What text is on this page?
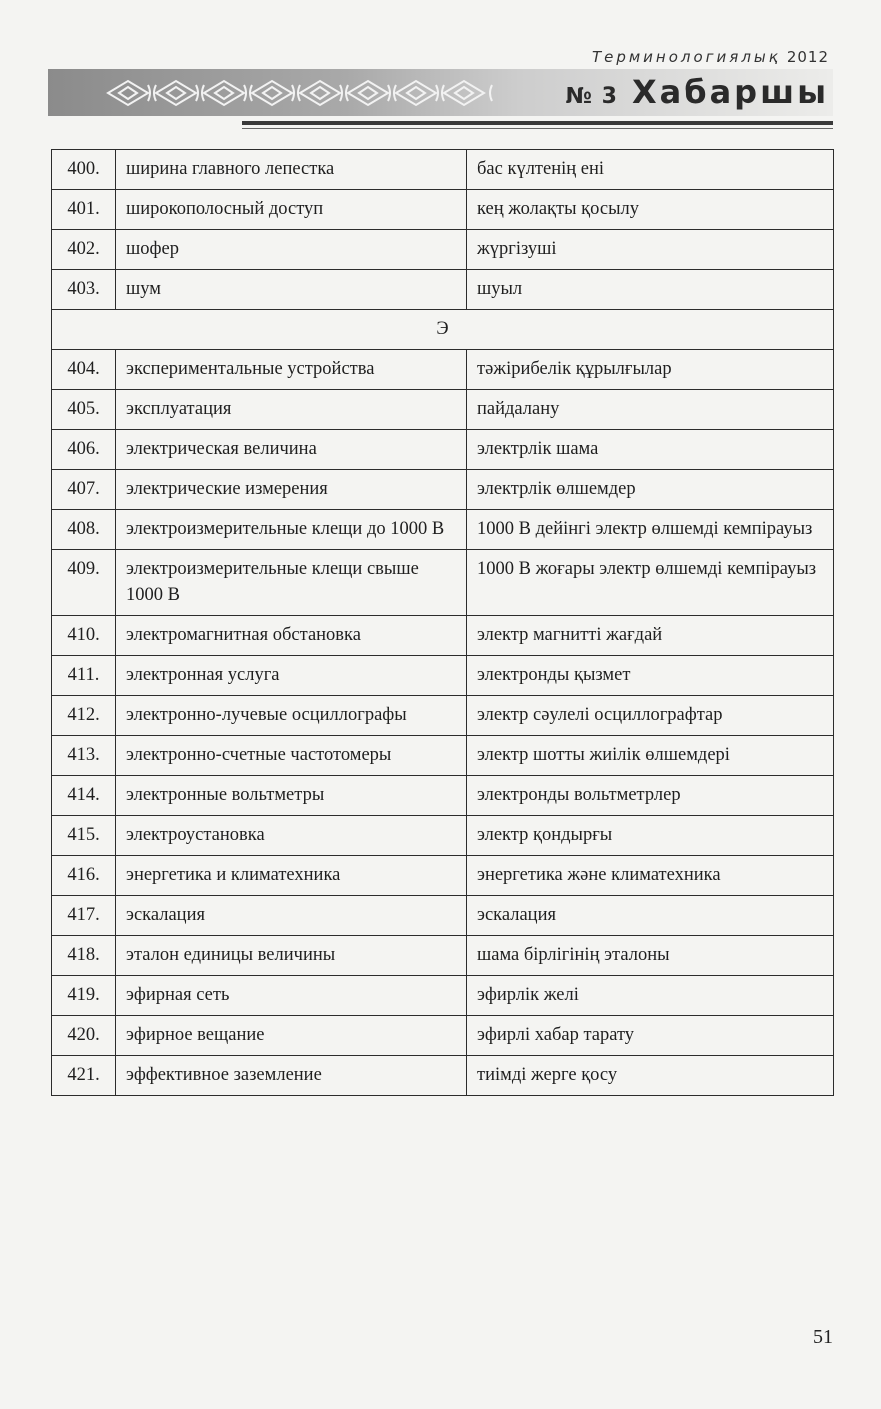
Терминологиялық 2012
№ 3 Хабаршы
400.	ширина главного лепестка	бас күлтенің ені
401.	широкополосный доступ	кең жолақты қосылу
402.	шофер	жүргізуші
403.	шум	шуыл
Э		
404.	экспериментальные устройства	тәжірибелік құрылғылар
405.	эксплуатация	пайдалану
406.	электрическая величина	электрлік шама
407.	электрические измерения	электрлік өлшемдер
408.	электроизмерительные клещи до 1000 В	1000 В дейінгі электр өлшемді кемпірауыз
409.	электроизмерительные клещи свыше 1000 В	1000 В жоғары электр өлшемді кемпірауыз
410.	электромагнитная обстановка	электр магнитті жағдай
411.	электронная услуга	электронды қызмет
412.	электронно-лучевые осциллографы	электр сәулелі осциллографтар
413.	электронно-счетные частотомеры	электр шотты жиілік өлшемдері
414.	электронные вольтметры	электронды вольтметрлер
415.	электроустановка	электр қондырғы
416.	энергетика и климатехника	энергетика және климатехника
417.	эскалация	эскалация
418.	эталон единицы величины	шама бірлігінің эталоны
419.	эфирная сеть	эфирлік желі
420.	эфирное вещание	эфирлі хабар тарату
421.	эффективное заземление	тиімді жерге қосу
51
